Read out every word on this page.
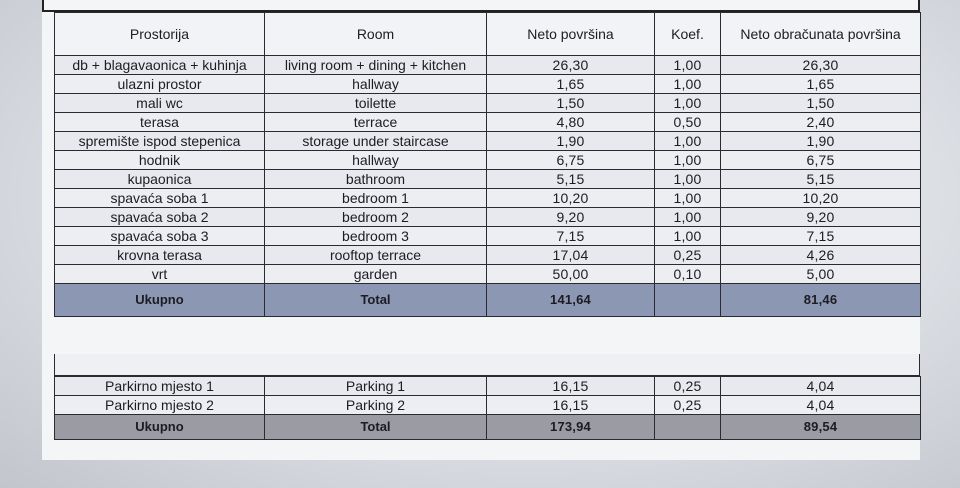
Prostorija	Room	Neto površina	Koef.	Neto obračunata površina
db + blagavaonica + kuhinja	living room + dining + kitchen	26,30	1,00	26,30
ulazni prostor	hallway	1,65	1,00	1,65
mali wc	toilette	1,50	1,00	1,50
terasa	terrace	4,80	0,50	2,40
spremište ispod stepenica	storage under staircase	1,90	1,00	1,90
hodnik	hallway	6,75	1,00	6,75
kupaonica	bathroom	5,15	1,00	5,15
spavaća soba 1	bedroom 1	10,20	1,00	10,20
spavaća soba 2	bedroom 2	9,20	1,00	9,20
spavaća soba 3	bedroom 3	7,15	1,00	7,15
krovna terasa	rooftop terrace	17,04	0,25	4,26
vrt	garden	50,00	0,10	5,00
Ukupno	Total	141,64		81,46
Parkirno mjesto 1	Parking 1	16,15	0,25	4,04
Parkirno mjesto 2	Parking 2	16,15	0,25	4,04
Ukupno	Total	173,94		89,54
